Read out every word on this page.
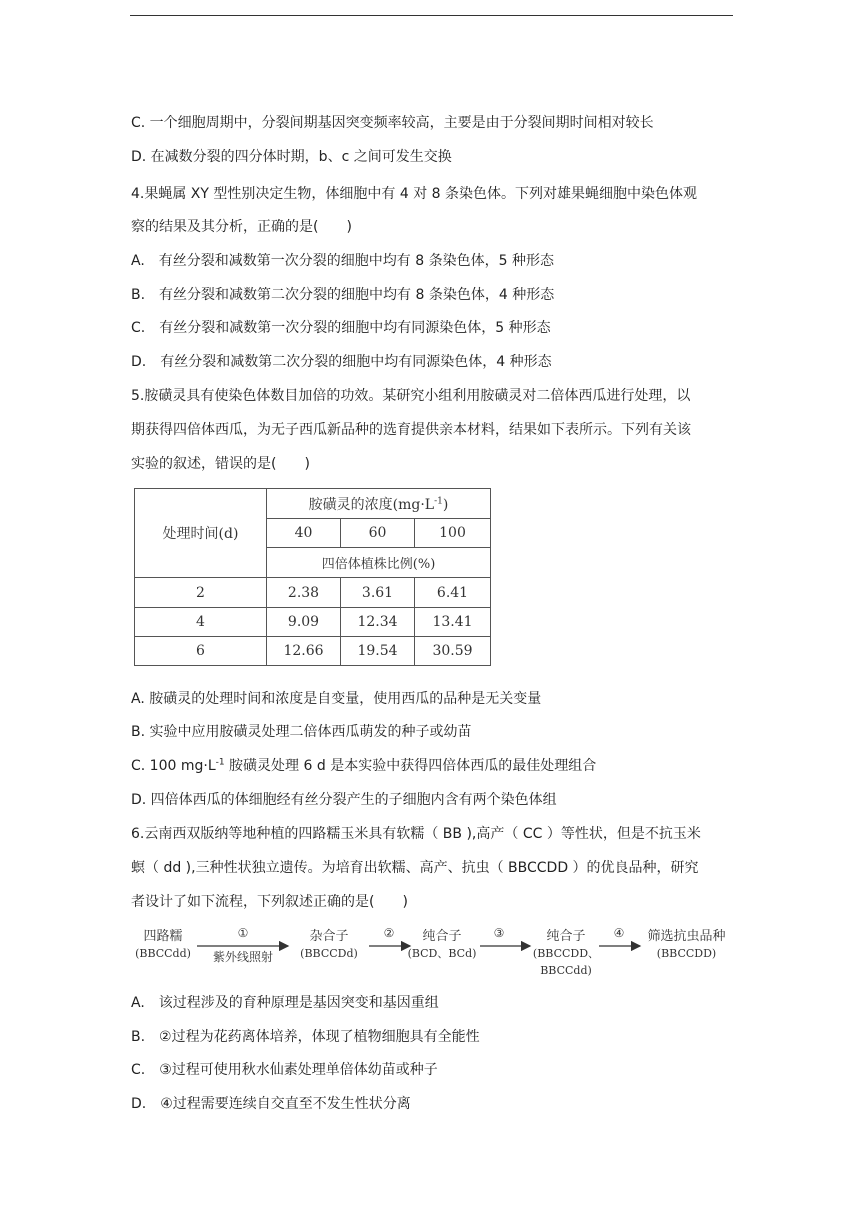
C. 一个细胞周期中，分裂间期基因突变频率较高，主要是由于分裂间期时间相对较长
D. 在减数分裂的四分体时期，b、c 之间可发生交换
4.果蝇属 XY 型性别决定生物，体细胞中有 4 对 8 条染色体。下列对雄果蝇细胞中染色体观
察的结果及其分析，正确的是(　　)
A.　有丝分裂和减数第一次分裂的细胞中均有 8 条染色体，5 种形态
B.　有丝分裂和减数第二次分裂的细胞中均有 8 条染色体，4 种形态
C.　有丝分裂和减数第一次分裂的细胞中均有同源染色体，5 种形态
D.　有丝分裂和减数第二次分裂的细胞中均有同源染色体，4 种形态
5.胺磺灵具有使染色体数目加倍的功效。某研究小组利用胺磺灵对二倍体西瓜进行处理，以
期获得四倍体西瓜，为无子西瓜新品种的选育提供亲本材料，结果如下表所示。下列有关该
实验的叙述，错误的是(　　)
处理时间(d)	胺磺灵的浓度$(mg\cdot L^{-1})$		
	40	60	100
	四倍体植株比例(%)		
2	2.38	3.61	6.41
4	9.09	12.34	13.41
6	12.66	19.54	30.59
A. 胺磺灵的处理时间和浓度是自变量，使用西瓜的品种是无关变量
B. 实验中应用胺磺灵处理二倍体西瓜萌发的种子或幼苗
C. 100 $mg\cdot L^{-1}$ 胺磺灵处理 6 d 是本实验中获得四倍体西瓜的最佳处理组合
D. 四倍体西瓜的体细胞经有丝分裂产生的子细胞内含有两个染色体组
6.云南西双版纳等地种植的四路糯玉米具有软糯（ BB ),高产（ CC ）等性状，但是不抗玉米
螟（ dd ),三种性状独立遗传。为培育出软糯、高产、抗虫（ BBCCDD ）的优良品种，研究
者设计了如下流程，下列叙述正确的是(　　)
四路糯
(BBCCdd)
①
紫外线照射
杂合子
(BBCCDd)
②	纯合子
(BCD、BCd)
③	纯合子
(BBCCDD、
BBCCdd)
④	筛选抗虫品种
(BBCCDD)
A.　该过程涉及的育种原理是基因突变和基因重组
B.　②过程为花药离体培养，体现了植物细胞具有全能性
C.　③过程可使用秋水仙素处理单倍体幼苗或种子
D.　④过程需要连续自交直至不发生性状分离
